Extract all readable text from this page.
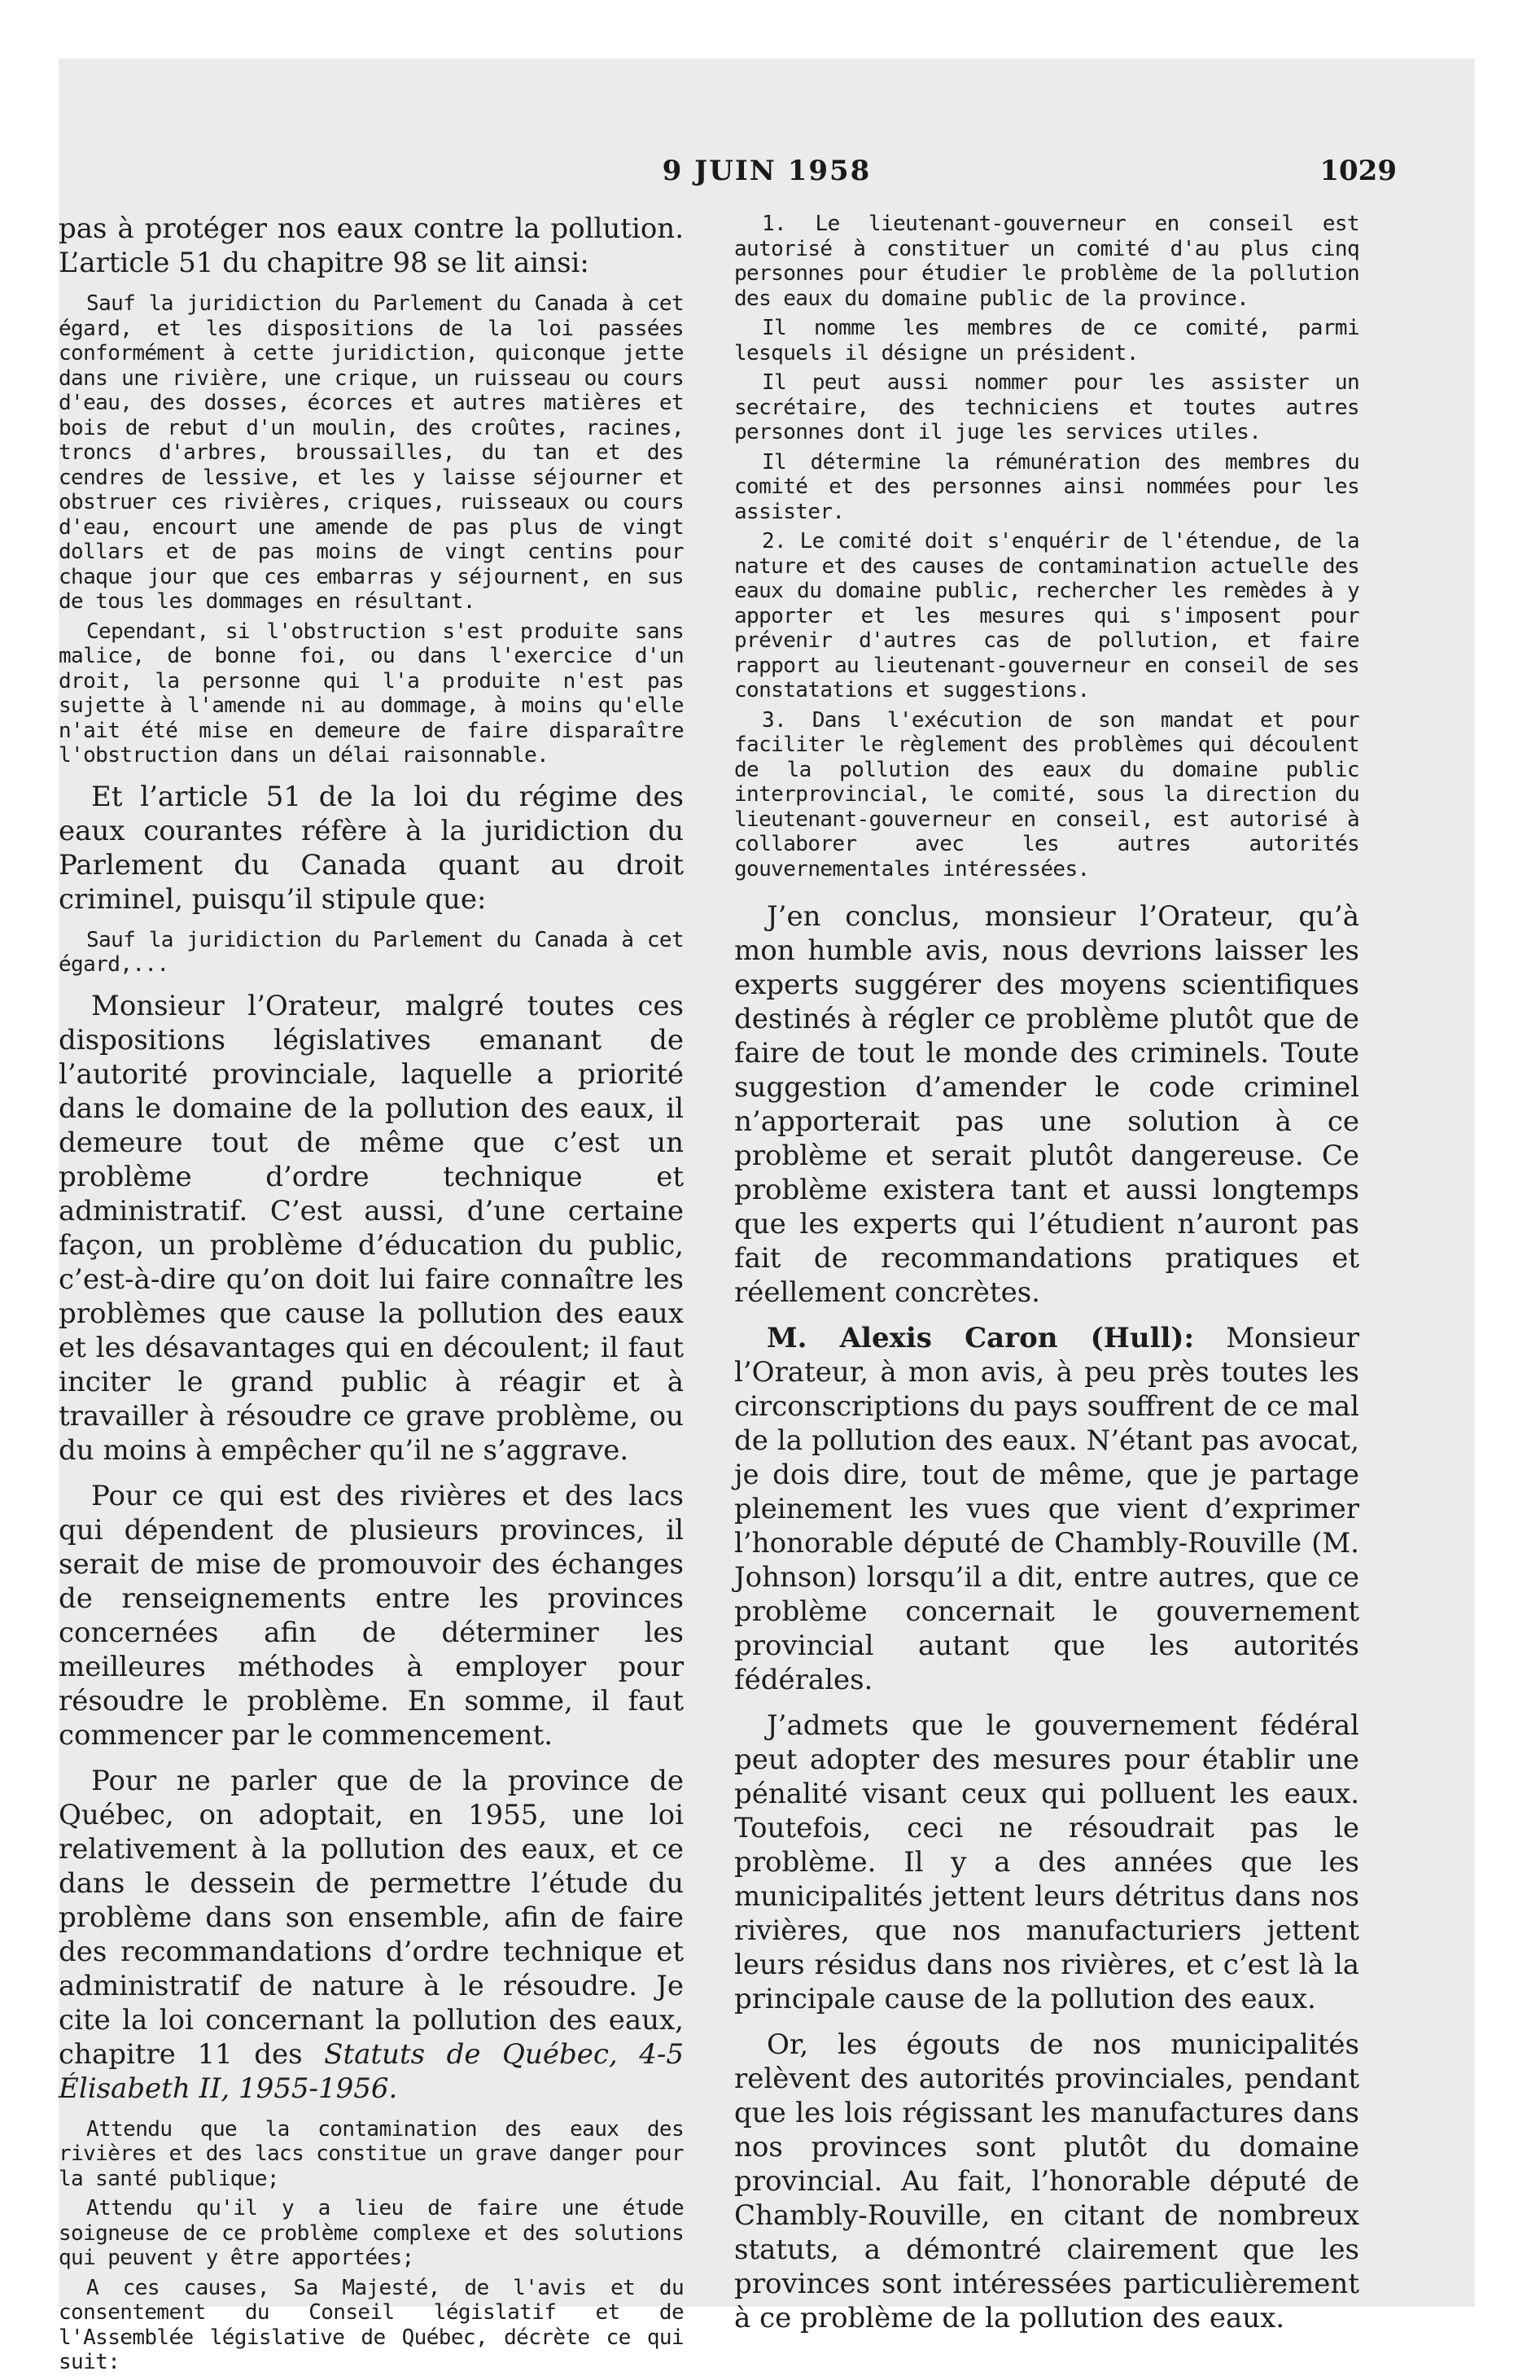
9 JUIN 1958	1029

pas à protéger nos eaux contre la pollution. L’article 51 du chapitre 98 se lit ainsi:

Sauf la juridiction du Parlement du Canada à cet égard, et les dispositions de la loi passées conformément à cette juridiction, quiconque jette dans une rivière, une crique, un ruisseau ou cours d'eau, des dosses, écorces et autres matières et bois de rebut d'un moulin, des croûtes, racines, troncs d'arbres, broussailles, du tan et des cendres de lessive, et les y laisse séjourner et obstruer ces rivières, criques, ruisseaux ou cours d'eau, encourt une amende de pas plus de vingt dollars et de pas moins de vingt centins pour chaque jour que ces embarras y séjournent, en sus de tous les dommages en résultant.

Cependant, si l'obstruction s'est produite sans malice, de bonne foi, ou dans l'exercice d'un droit, la personne qui l'a produite n'est pas sujette à l'amende ni au dommage, à moins qu'elle n'ait été mise en demeure de faire disparaître l'obstruction dans un délai raisonnable.

Et l’article 51 de la loi du régime des eaux courantes réfère à la juridiction du Parlement du Canada quant au droit criminel, puisqu’il stipule que:

Sauf la juridiction du Parlement du Canada à cet égard,...

Monsieur l’Orateur, malgré toutes ces dispositions législatives emanant de l’autorité provinciale, laquelle a priorité dans le domaine de la pollution des eaux, il demeure tout de même que c’est un problème d’ordre technique et administratif. C’est aussi, d’une certaine façon, un problème d’éducation du public, c’est-à-dire qu’on doit lui faire connaître les problèmes que cause la pollution des eaux et les désavantages qui en découlent; il faut inciter le grand public à réagir et à travailler à résoudre ce grave problème, ou du moins à empêcher qu’il ne s’aggrave.

Pour ce qui est des rivières et des lacs qui dépendent de plusieurs provinces, il serait de mise de promouvoir des échanges de renseignements entre les provinces concernées afin de déterminer les meilleures méthodes à employer pour résoudre le problème. En somme, il faut commencer par le commencement.

Pour ne parler que de la province de Québec, on adoptait, en 1955, une loi relativement à la pollution des eaux, et ce dans le dessein de permettre l’étude du problème dans son ensemble, afin de faire des recommandations d’ordre technique et administratif de nature à le résoudre. Je cite la loi concernant la pollution des eaux, chapitre 11 des Statuts de Québec, 4-5 Élisabeth II, 1955-1956.

Attendu que la contamination des eaux des rivières et des lacs constitue un grave danger pour la santé publique;

Attendu qu'il y a lieu de faire une étude soigneuse de ce problème complexe et des solutions qui peuvent y être apportées;

A ces causes, Sa Majesté, de l'avis et du consentement du Conseil législatif et de l'Assemblée législative de Québec, décrète ce qui suit:

1. Le lieutenant-gouverneur en conseil est autorisé à constituer un comité d'au plus cinq personnes pour étudier le problème de la pollution des eaux du domaine public de la province.

Il nomme les membres de ce comité, parmi lesquels il désigne un président.

Il peut aussi nommer pour les assister un secrétaire, des techniciens et toutes autres personnes dont il juge les services utiles.

Il détermine la rémunération des membres du comité et des personnes ainsi nommées pour les assister.

2. Le comité doit s'enquérir de l'étendue, de la nature et des causes de contamination actuelle des eaux du domaine public, rechercher les remèdes à y apporter et les mesures qui s'imposent pour prévenir d'autres cas de pollution, et faire rapport au lieutenant-gouverneur en conseil de ses constatations et suggestions.

3. Dans l'exécution de son mandat et pour faciliter le règlement des problèmes qui découlent de la pollution des eaux du domaine public interprovincial, le comité, sous la direction du lieutenant-gouverneur en conseil, est autorisé à collaborer avec les autres autorités gouvernementales intéressées.

J’en conclus, monsieur l’Orateur, qu’à mon humble avis, nous devrions laisser les experts suggérer des moyens scientifiques destinés à régler ce problème plutôt que de faire de tout le monde des criminels. Toute suggestion d’amender le code criminel n’apporterait pas une solution à ce problème et serait plutôt dangereuse. Ce problème existera tant et aussi longtemps que les experts qui l’étudient n’auront pas fait de recommandations pratiques et réellement concrètes.

M. Alexis Caron (Hull): Monsieur l’Orateur, à mon avis, à peu près toutes les circonscriptions du pays souffrent de ce mal de la pollution des eaux. N’étant pas avocat, je dois dire, tout de même, que je partage pleinement les vues que vient d’exprimer l’honorable député de Chambly-Rouville (M. Johnson) lorsqu’il a dit, entre autres, que ce problème concernait le gouvernement provincial autant que les autorités fédérales.

J’admets que le gouvernement fédéral peut adopter des mesures pour établir une pénalité visant ceux qui polluent les eaux. Toutefois, ceci ne résoudrait pas le problème. Il y a des années que les municipalités jettent leurs détritus dans nos rivières, que nos manufacturiers jettent leurs résidus dans nos rivières, et c’est là la principale cause de la pollution des eaux.

Or, les égouts de nos municipalités relèvent des autorités provinciales, pendant que les lois régissant les manufactures dans nos provinces sont plutôt du domaine provincial. Au fait, l’honorable député de Chambly-Rouville, en citant de nombreux statuts, a démontré clairement que les provinces sont intéressées particulièrement à ce problème de la pollution des eaux.
